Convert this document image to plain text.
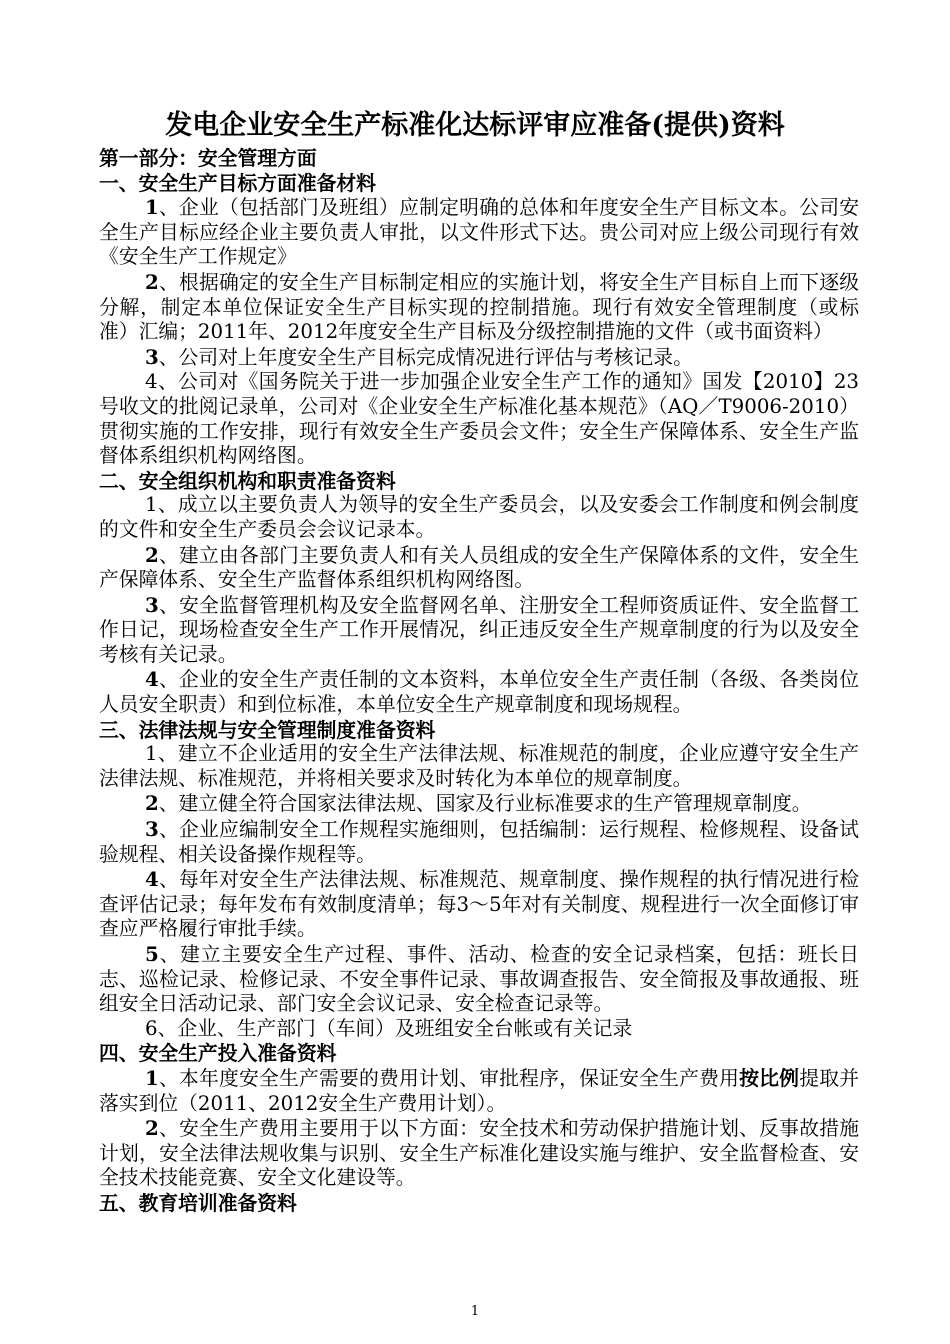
发电企业安全生产标准化达标评审应准备(提供)资料

第一部分：安全管理方面

一、安全生产目标方面准备材料

1、企业（包括部门及班组）应制定明确的总体和年度安全生产目标文本。公司安全生产目标应经企业主要负责人审批，以文件形式下达。贵公司对应上级公司现行有效《安全生产工作规定》

2、根据确定的安全生产目标制定相应的实施计划，将安全生产目标自上而下逐级分解，制定本单位保证安全生产目标实现的控制措施。现行有效安全管理制度（或标准）汇编；2011年、2012年度安全生产目标及分级控制措施的文件（或书面资料）

3、公司对上年度安全生产目标完成情况进行评估与考核记录。

4、公司对《国务院关于进一步加强企业安全生产工作的通知》国发【2010】23号收文的批阅记录单，公司对《企业安全生产标准化基本规范》（AQ／T9006-2010）贯彻实施的工作安排，现行有效安全生产委员会文件；安全生产保障体系、安全生产监督体系组织机构网络图。

二、安全组织机构和职责准备资料

1、成立以主要负责人为领导的安全生产委员会，以及安委会工作制度和例会制度的文件和安全生产委员会会议记录本。

2、建立由各部门主要负责人和有关人员组成的安全生产保障体系的文件，安全生产保障体系、安全生产监督体系组织机构网络图。

3、安全监督管理机构及安全监督网名单、注册安全工程师资质证件、安全监督工作日记，现场检查安全生产工作开展情况，纠正违反安全生产规章制度的行为以及安全考核有关记录。

4、企业的安全生产责任制的文本资料，本单位安全生产责任制（各级、各类岗位人员安全职责）和到位标准，本单位安全生产规章制度和现场规程。

三、法律法规与安全管理制度准备资料

1、建立不企业适用的安全生产法律法规、标准规范的制度，企业应遵守安全生产法律法规、标准规范，并将相关要求及时转化为本单位的规章制度。

2、建立健全符合国家法律法规、国家及行业标准要求的生产管理规章制度。

3、企业应编制安全工作规程实施细则，包括编制：运行规程、检修规程、设备试验规程、相关设备操作规程等。

4、每年对安全生产法律法规、标准规范、规章制度、操作规程的执行情况进行检查评估记录；每年发布有效制度清单；每3～5年对有关制度、规程进行一次全面修订审查应严格履行审批手续。

5、建立主要安全生产过程、事件、活动、检查的安全记录档案，包括：班长日志、巡检记录、检修记录、不安全事件记录、事故调查报告、安全简报及事故通报、班组安全日活动记录、部门安全会议记录、安全检查记录等。

6、企业、生产部门（车间）及班组安全台帐或有关记录

四、安全生产投入准备资料

1、本年度安全生产需要的费用计划、审批程序，保证安全生产费用按比例提取并落实到位（2011、2012安全生产费用计划）。

2、安全生产费用主要用于以下方面：安全技术和劳动保护措施计划、反事故措施计划，安全法律法规收集与识别、安全生产标准化建设实施与维护、安全监督检查、安全技术技能竞赛、安全文化建设等。

五、教育培训准备资料

1
